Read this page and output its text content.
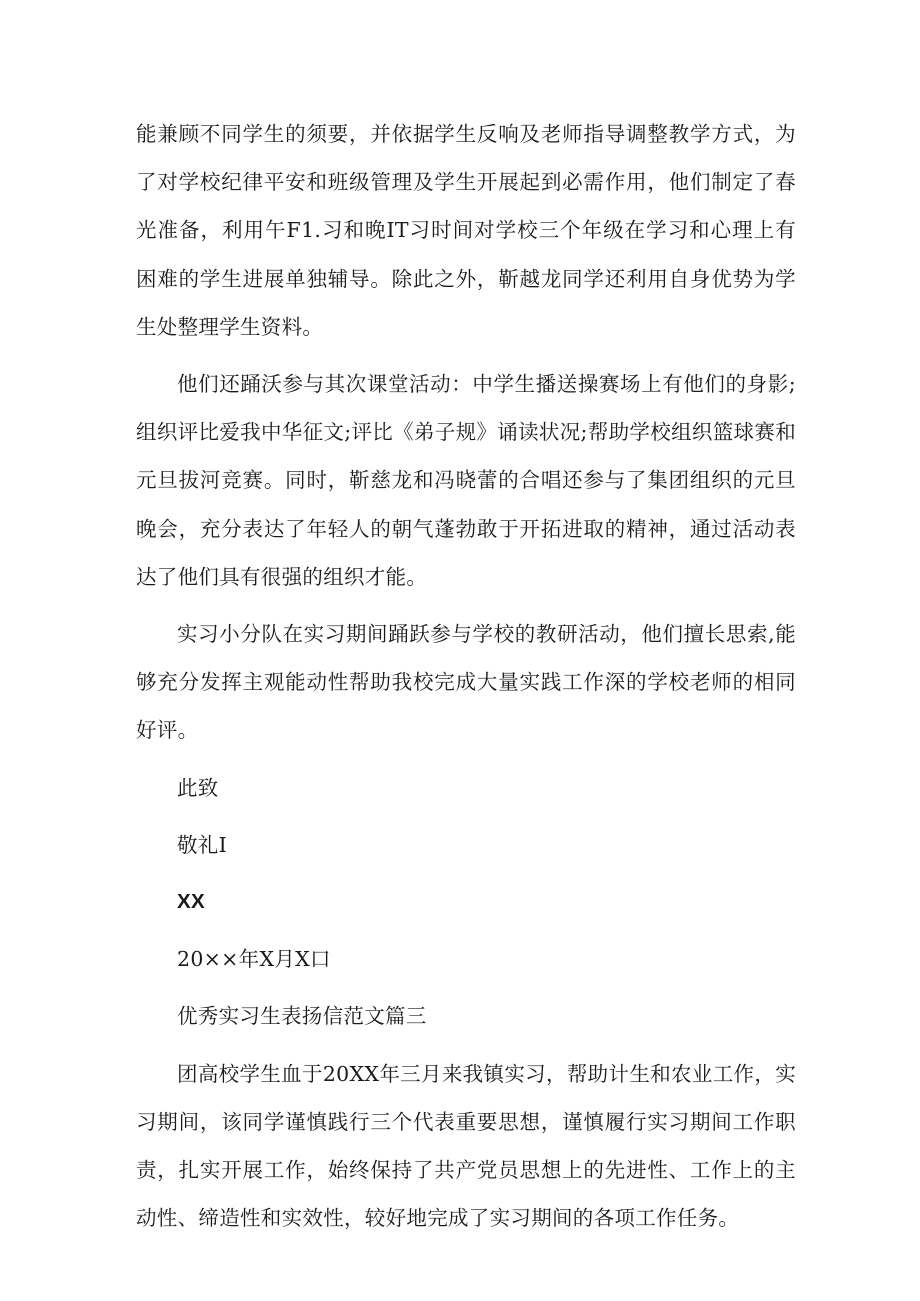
能兼顾不同学生的须要，并依据学生反响及老师指导调整教学方式，为了对学校纪律平安和班级管理及学生开展起到必需作用，他们制定了春光准备，利用午F1.习和晚IT习时间对学校三个年级在学习和心理上有困难的学生进展单独辅导。除此之外，靳越龙同学还利用自身优势为学生处整理学生资料。

他们还踊沃参与其次课堂活动：中学生播送操赛场上有他们的身影;组织评比爱我中华征文;评比《弟子规》诵读状况;帮助学校组织篮球赛和元旦拔河竞赛。同时，靳慈龙和冯晓蕾的合唱还参与了集团组织的元旦晚会，充分表达了年轻人的朝气蓬勃敢于开拓进取的精神，通过活动表达了他们具有很强的组织才能。

实习小分队在实习期间踊跃参与学校的教研活动，他们擅长思索,能够充分发挥主观能动性帮助我校完成大量实践工作深的学校老师的相同好评。

此致
敬礼I
XX
20××年X月X口
优秀实习生表扬信范文篇三

团高校学生血于20XX年三月来我镇实习，帮助计生和农业工作，实习期间，该同学谨慎践行三个代表重要思想，谨慎履行实习期间工作职责，扎实开展工作，始终保持了共产党员思想上的先进性、工作上的主动性、缔造性和实效性，较好地完成了实习期间的各项工作任务。
